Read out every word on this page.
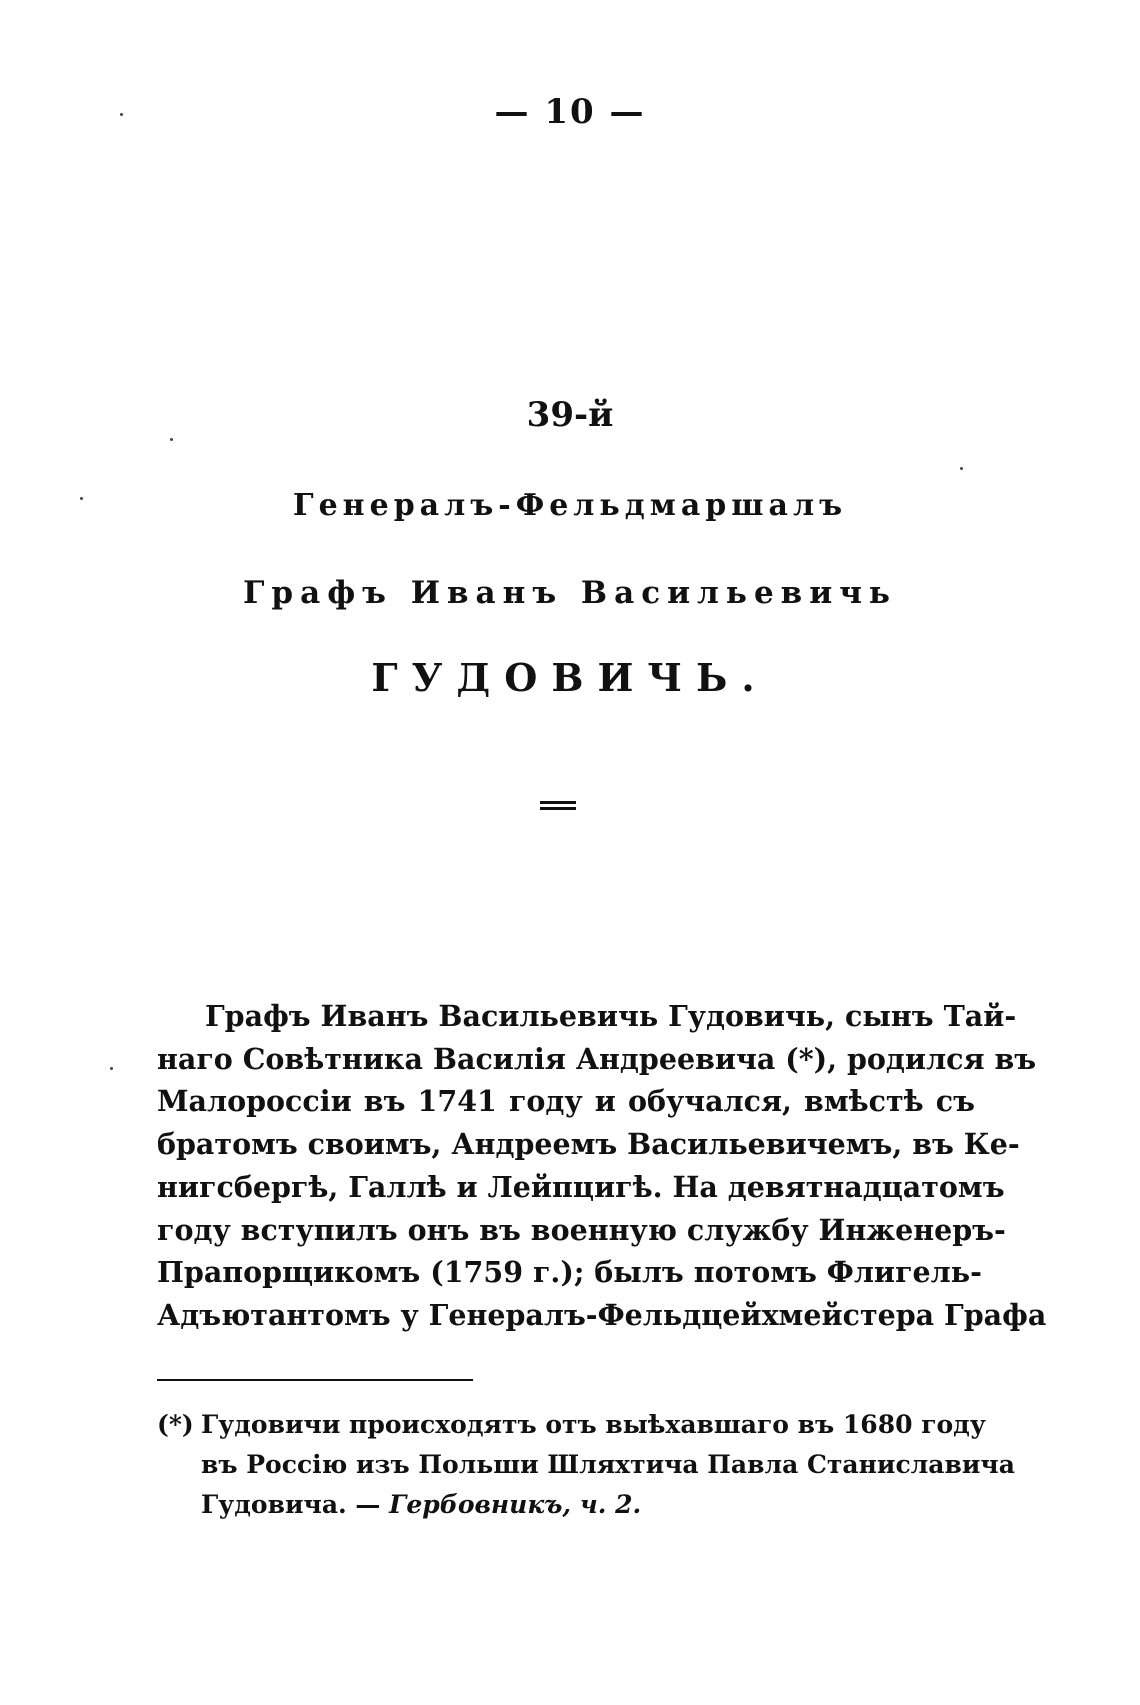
— 10 —
39-й
Генералъ-Фельдмаршалъ
Графъ Иванъ Васильевичь
ГУДОВИЧЬ.
Графъ Иванъ Васильевичь Гудовичь, сынъ Тай-
наго Совѣтника Василія Андреевича (*), родился въ
Малороссіи въ 1741 году и обучался, вмѣстѣ съ
братомъ своимъ, Андреемъ Васильевичемъ, въ Ке-
нигсбергѣ, Галлѣ и Лейпцигѣ. На девятнадцатомъ
году вступилъ онъ въ военную службу Инженеръ-
Прапорщикомъ (1759 г.); былъ потомъ Флигель-
Адъютантомъ у Генералъ-Фельдцейхмейстера Графа
(*) Гудовичи происходятъ отъ выѣхавшаго въ 1680 году
въ Россію изъ Польши Шляхтича Павла Станиславича
Гудовича. — Гербовникъ, ч. 2.
